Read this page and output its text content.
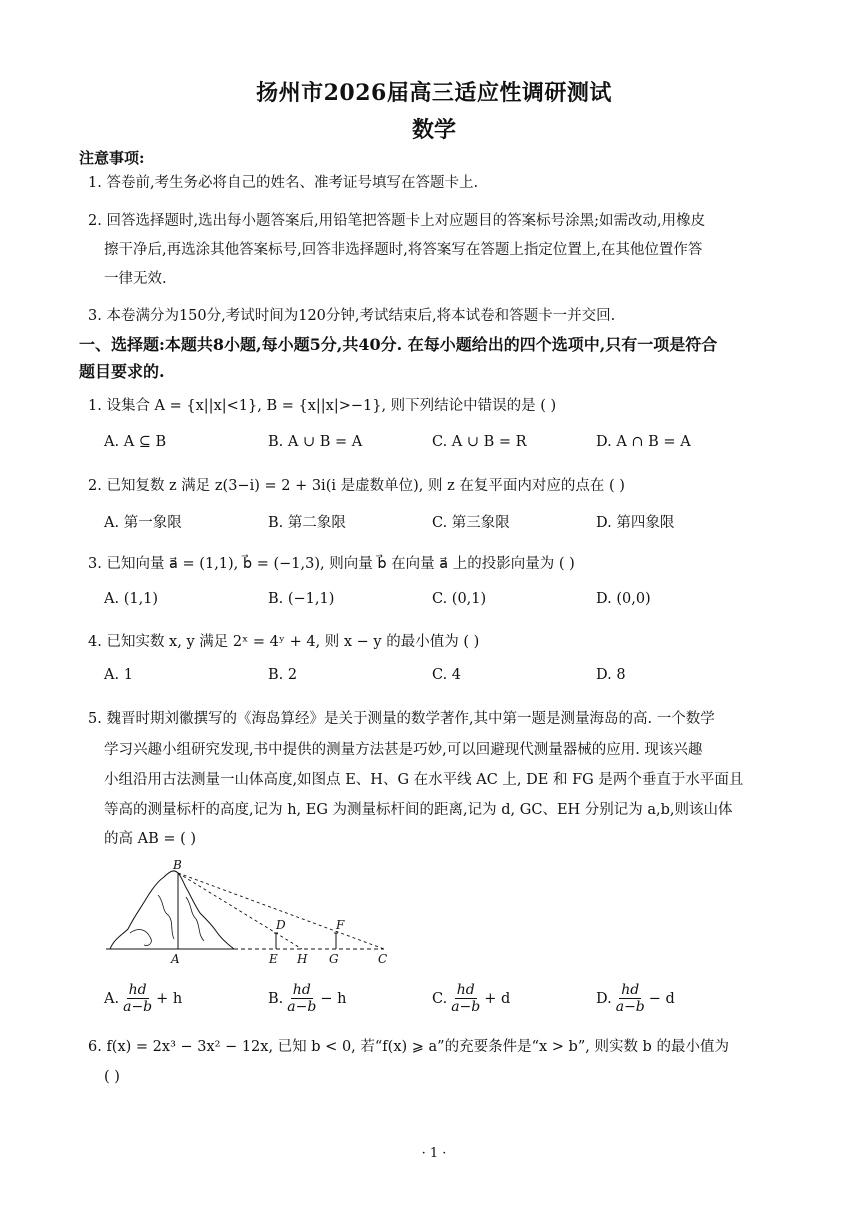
扬州市2026届高三适应性调研测试
数学
注意事项:
1. 答卷前,考生务必将自己的姓名、准考证号填写在答题卡上.
2. 回答选择题时,选出每小题答案后,用铅笔把答题卡上对应题目的答案标号涂黑;如需改动,用橡皮
擦干净后,再选涂其他答案标号,回答非选择题时,将答案写在答题上指定位置上,在其他位置作答
一律无效.
3. 本卷满分为150分,考试时间为120分钟,考试结束后,将本试卷和答题卡一并交回.
一、选择题:本题共8小题,每小题5分,共40分. 在每小题给出的四个选项中,只有一项是符合
题目要求的.
1. 设集合 A = {x||x|<1}, B = {x||x|>−1}, 则下列结论中错误的是 ( )
A. A ⊆ B	B. A ∪ B = A	C. A ∪ B = R	D. A ∩ B = A
2. 已知复数 z 满足 z(3−i) = 2 + 3i(i 是虚数单位), 则 z 在复平面内对应的点在 ( )
A. 第一象限	B. 第二象限	C. 第三象限	D. 第四象限
3. 已知向量 a⃗ = (1,1), b⃗ = (−1,3), 则向量 b⃗ 在向量 a⃗ 上的投影向量为 ( )
A. (1,1)	B. (−1,1)	C. (0,1)	D. (0,0)
4. 已知实数 x, y 满足 2ˣ = 4ʸ + 4, 则 x − y 的最小值为 ( )
A. 1	B. 2	C. 4	D. 8
5. 魏晋时期刘徽撰写的《海岛算经》是关于测量的数学著作,其中第一题是测量海岛的高. 一个数学
学习兴趣小组研究发现,书中提供的测量方法甚是巧妙,可以回避现代测量器械的应用. 现该兴趣
小组沿用古法测量一山体高度,如图点 E、H、G 在水平线 AC 上, DE 和 FG 是两个垂直于水平面且
等高的测量标杆的高度,记为 h, EG 为测量标杆间的距离,记为 d, GC、EH 分别记为 a,b,则该山体
的高 AB = ( )
B
D	F
A	E H G	C
A. $\frac{hd}{a-b} + h$	B. $\frac{hd}{a-b} - h$	C. $\frac{hd}{a-b} + d$	D. $\frac{hd}{a-b} - d$
6. f(x) = 2x³ − 3x² − 12x, 已知 b < 0, 若“f(x) ⩾ a”的充要条件是“x > b”, 则实数 b 的最小值为
( )
· 1 ·
